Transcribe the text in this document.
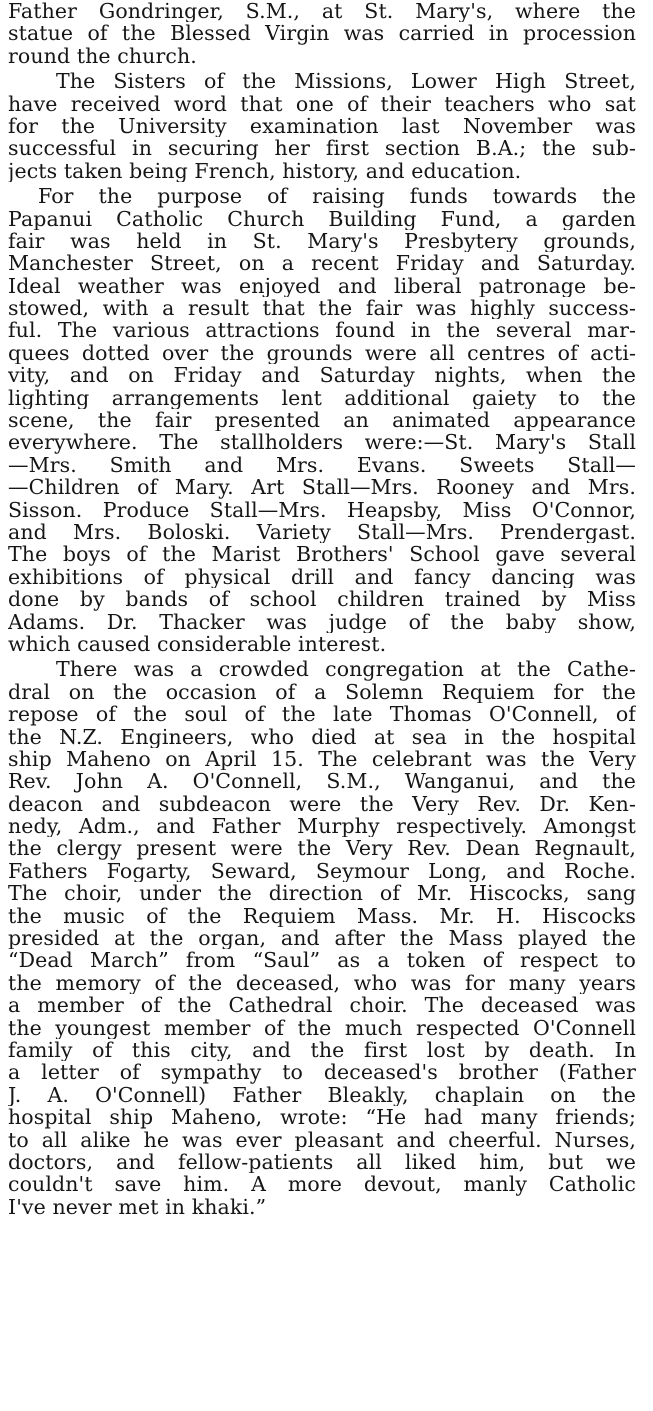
Father Gondringer, S.M., at St. Mary's, where the
statue of the Blessed Virgin was carried in procession
round the church.

The Sisters of the Missions, Lower High Street,
have received word that one of their teachers who sat
for the University examination last November was
successful in securing her first section B.A.; the sub-
jects taken being French, history, and education.

For the purpose of raising funds towards the
Papanui Catholic Church Building Fund, a garden
fair was held in St. Mary's Presbytery grounds,
Manchester Street, on a recent Friday and Saturday.
Ideal weather was enjoyed and liberal patronage be-
stowed, with a result that the fair was highly success-
ful. The various attractions found in the several mar-
quees dotted over the grounds were all centres of acti-
vity, and on Friday and Saturday nights, when the
lighting arrangements lent additional gaiety to the
scene, the fair presented an animated appearance
everywhere. The stallholders were:—St. Mary's Stall
—Mrs. Smith and Mrs. Evans. Sweets Stall—
—Children of Mary. Art Stall—Mrs. Rooney and Mrs.
Sisson. Produce Stall—Mrs. Heapsby, Miss O'Connor,
and Mrs. Boloski. Variety Stall—Mrs. Prendergast.
The boys of the Marist Brothers' School gave several
exhibitions of physical drill and fancy dancing was
done by bands of school children trained by Miss
Adams. Dr. Thacker was judge of the baby show,
which caused considerable interest.

There was a crowded congregation at the Cathe-
dral on the occasion of a Solemn Requiem for the
repose of the soul of the late Thomas O'Connell, of
the N.Z. Engineers, who died at sea in the hospital
ship Maheno on April 15. The celebrant was the Very
Rev. John A. O'Connell, S.M., Wanganui, and the
deacon and subdeacon were the Very Rev. Dr. Ken-
nedy, Adm., and Father Murphy respectively. Amongst
the clergy present were the Very Rev. Dean Regnault,
Fathers Fogarty, Seward, Seymour Long, and Roche.
The choir, under the direction of Mr. Hiscocks, sang
the music of the Requiem Mass. Mr. H. Hiscocks
presided at the organ, and after the Mass played the
“Dead March” from “Saul” as a token of respect to
the memory of the deceased, who was for many years
a member of the Cathedral choir. The deceased was
the youngest member of the much respected O'Connell
family of this city, and the first lost by death. In
a letter of sympathy to deceased's brother (Father
J. A. O'Connell) Father Bleakly, chaplain on the
hospital ship Maheno, wrote: “He had many friends;
to all alike he was ever pleasant and cheerful. Nurses,
doctors, and fellow-patients all liked him, but we
couldn't save him. A more devout, manly Catholic
I've never met in khaki.”
